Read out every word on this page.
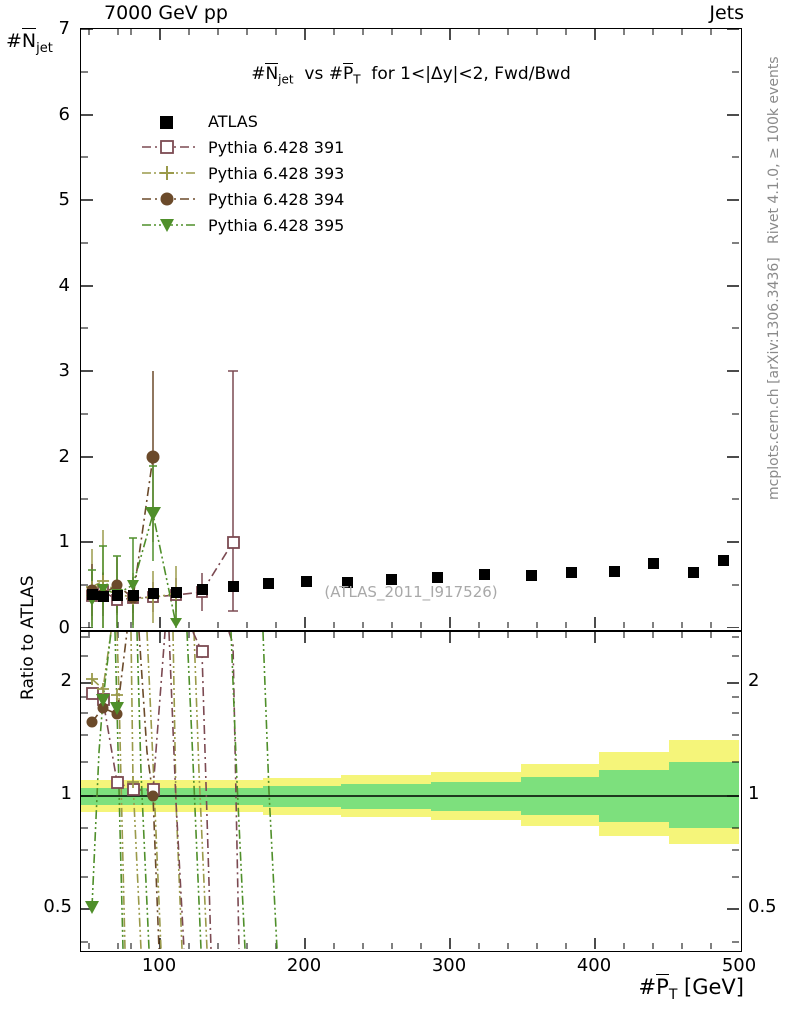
7000 GeV pp	Jets
$\#N_{jet}$
0
1
2
3
4
5
6
7
$\#N_{jet}$  vs $\#P_T$  for 1<|Δy|<2, Fwd/Bwd
(ATLAS_2011_I917526)
ATLAS
Pythia 6.428 391
Pythia 6.428 393
Pythia 6.428 394
Pythia 6.428 395	Rivet 4.1.0, ≥ 100k events
mcplots.cern.ch [arXiv:1306.3436]
0.5
1
2
0.5
1
2
Ratio to ATLAS
100	200	300	400	500
$\#P_T$ [GeV]
